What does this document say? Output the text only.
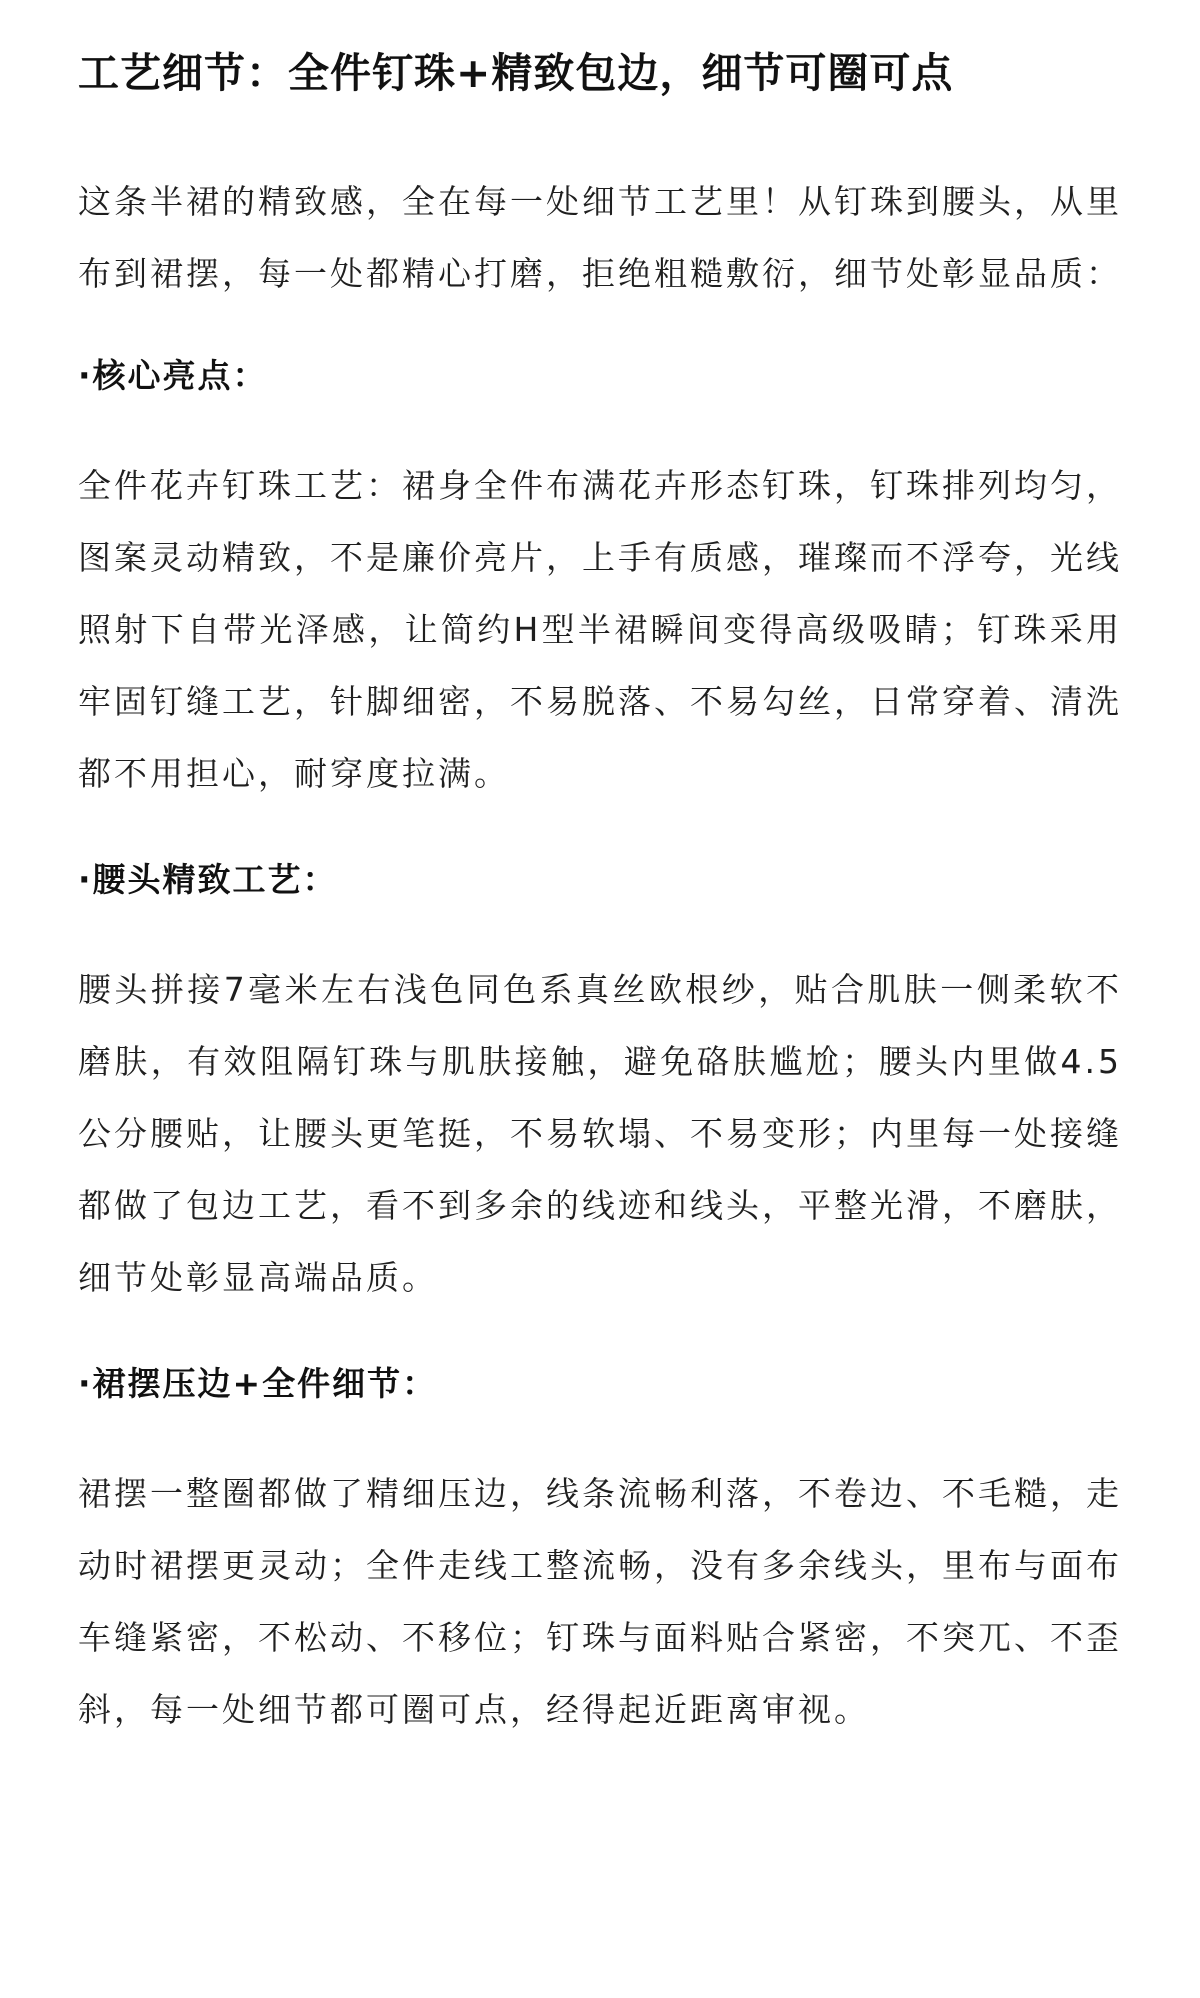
工艺细节：全件钉珠+精致包边，细节可圈可点

这条半裙的精致感，全在每一处细节工艺里！从钉珠到腰头，从里布到裙摆，每一处都精心打磨，拒绝粗糙敷衍，细节处彰显品质：

·核心亮点：

全件花卉钉珠工艺：裙身全件布满花卉形态钉珠，钉珠排列均匀，图案灵动精致，不是廉价亮片，上手有质感，璀璨而不浮夸，光线照射下自带光泽感，让简约H型半裙瞬间变得高级吸睛；钉珠采用牢固钉缝工艺，针脚细密，不易脱落、不易勾丝，日常穿着、清洗都不用担心，耐穿度拉满。

·腰头精致工艺：

腰头拼接7毫米左右浅色同色系真丝欧根纱，贴合肌肤一侧柔软不磨肤，有效阻隔钉珠与肌肤接触，避免硌肤尴尬；腰头内里做4.5公分腰贴，让腰头更笔挺，不易软塌、不易变形；内里每一处接缝都做了包边工艺，看不到多余的线迹和线头，平整光滑，不磨肤，细节处彰显高端品质。

·裙摆压边+全件细节：

裙摆一整圈都做了精细压边，线条流畅利落，不卷边、不毛糙，走动时裙摆更灵动；全件走线工整流畅，没有多余线头，里布与面布车缝紧密，不松动、不移位；钉珠与面料贴合紧密，不突兀、不歪斜，每一处细节都可圈可点，经得起近距离审视。
